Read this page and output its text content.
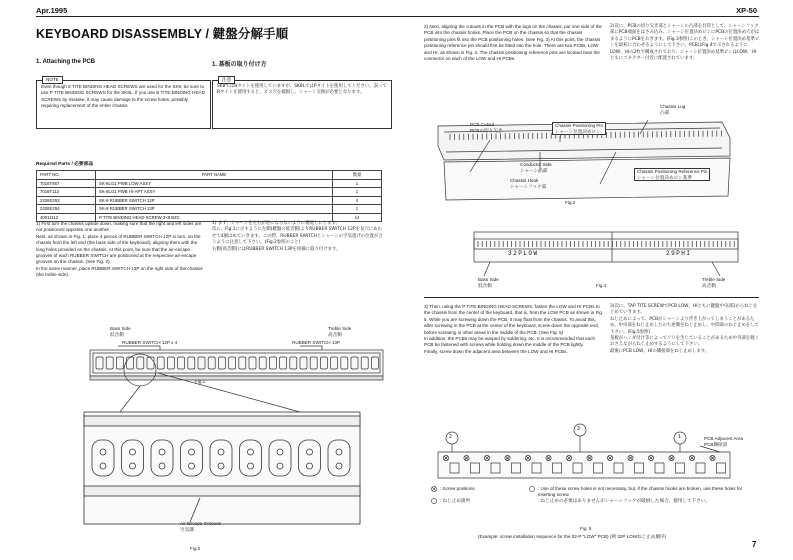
Apr.1995	XP-50
KEYBOARD DISASSEMBLY / 鍵盤分解手順
1. Attaching the PCB	1. 基板の取り付け方
Even though 8 TITE BINDING HEAD SCREWS are used for the SK8, be sure to use P TITE BINDING SCREWS for the SK8L. If you use B TITE BINDING HEAD SCREWS by mistake, it may cause damage to the screw holes, possibly requiring replacement of the entire chassis
NOTE
SK8ではBタイトを使用していますが、SK8LではPタイトを使用してください。誤ってBタイトを使用すると、ビス穴を破損し、シャーシ交換が必要となります。
注意
Required Parts / 必要部品
PART NO.	PART NAME	数量
7016T867	SK-8LG1 PWB LOW ASSY	1
7016T112	SK-8LG1 PWB HI-APT ASSY	1
2328S253	SK-8 RUBBER SWITCH 12P	4
2328S254	SK-8 RUBBER SWITCH 13P	1
40011112	P TITE BINDING HEAD SCREW 3×8 BZC	14
1) First turn the chassis upside down, making sure that the right and left sides are not positioned opposite one another.
Next, as shown in Fig. 1, place 4 pieces of RUBBER SWITCH 12P in turn, on the chassis from the left end (the bass side of the keyboard), aligning them with the long holes provided on the chassis. At this point, be sure that the air-escape grooves of each RUBBER SWITCH are positioned at the respective air-escape grooves on the chassis. (See Fig. 2)
In the same manner, place RUBBER SWITCH 13P on the right side of the chassis (the treble side).
1) まず、シャーシを左右が逆にならないように裏返しにします。
次に、Fig.1に示すように左側(鍵盤の低音側)よりRUBBER SWITCH 12Pを長穴にあわせて4個はめていきます。この際、RUBBER SWITCHとシャーシの空気逃げの位置が合うように注意して下さい。(Fig.2参照のこと)
右側(高音側)にはRUBBER SWITCH 13Pを同様に取り付けます。
Bass Side
低音側
Treble Side
高音側
RUBBER SWITCH 12P x 4	RUBBER SWITCH 13P
Fig.1
Air-Escape Grooves
空気溝
Fig.2
2) Next, aligning the cutouts in the PCB with the lugs on the chassis, put one side of the PCB into the chassis hooks. Place the PCB on the chassis so that the chassis positioning pins fit into the PCB positioning holes. (See Fig. 3) At this point, the chassis positioning reference pin should first be fitted into the hole. There are two PCBs, LOW and HI, as shown in Fig. 4. The chassis positioning reference pins are located near the connector on each of the LOW and HI PCBs.
2)次に、PCBの切り欠き部とシャーシの凸部を目印として、シャーシフック部にPCB端面をはさみ込み、シャーシ位置決めピンにPCBの位置決め穴がはまるようにPCBをおきます。(Fig.3参照)このとき、シャーシ位置決め基準ピンを最初に合わせるようにして下さい。PCBはFig.4で示されるようにLOW、HIの2枚で構成されており、シャーシ位置決め基準ピンはLOW、HIともにコネクター付近に配置されています。
Chassis Lug
凸部
PCB Cutout
PCBの切り欠き
Chassis Positioning Pin
シャーシ位置決めピン
Conductor Side
シャーシ凸部
Chassis Hook
シャーシフック部
Chassis Positioning Reference Pin
シャーシ位置決めピン基準
Fig.3
32PLOW	29PHI
Bass Side
低音側
Treble Side
高音側
Fig.4
3) Then, using the P TITE BINDING HEAD SCREWS, fasten the LOW and HI PCBs to the chassis from the center of the keyboard, that is, from the LOW PCB as shown in Fig. 5. While you are screwing down the PCB, it may float from the chassis. To avoid this, after screwing in the PCB at the center of the keyboard, screw down the opposite end, before screwing in other areas in the middle of the PCB. (See Fig. 5)
In addition, the PCBs may be warped by soldering, etc. It is recommended that each PCB be fastened with screws while holding down the middle of the PCB lightly.
Finally, screw down the adjacent area between the LOW and HI PCBs.
3)次に、TAP TITE SCREWでPCB LOW、HIともに鍵盤中央部1からねじをとめていきます。
ねじ止めによって、PCBがシャーシより浮き上がってしまうことがあるため、中央部をねじ止めしたのち逆側をねじ止めし、中間部のねじ止めをして下さい。(Fig.5参照)
基板がハンダ付け等によってソリを生じていることがあるため中央部を軽くおさえながらねじ止めするようにして下さい。
最後にPCB LOW、HIの隣接部をねじ止めします。
2
3
1	PCB Adjacent Area
PCB隣接部
: Screw positions
: ねじ止め箇所
: Use of these screw holes is not necessary, but, if the chassis hooks are broken, use these holes for inserting screw.
: ねじ止めの必要はありませんがシャーシフックが破損した場合、使用して下さい。
Fig. 5
(Example: screw installation sequence for the 32-P "LOW" PCB) (例 32P LOWねじ止め順序)
7
